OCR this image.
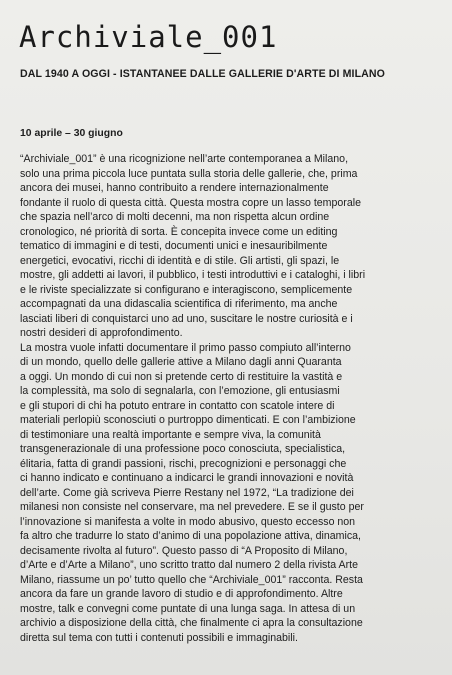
Archiviale_001
DAL 1940 A OGGI - ISTANTANEE DALLE GALLERIE D'ARTE DI MILANO
10 aprile – 30 giugno
“Archiviale_001” è una ricognizione nell’arte contemporanea a Milano,
solo una prima piccola luce puntata sulla storia delle gallerie, che, prima
ancora dei musei, hanno contribuito a rendere internazionalmente
fondante il ruolo di questa città. Questa mostra copre un lasso temporale
che spazia nell’arco di molti decenni, ma non rispetta alcun ordine
cronologico, né priorità di sorta. È concepita invece come un editing
tematico di immagini e di testi, documenti unici e inesauribilmente
energetici, evocativi, ricchi di identità e di stile. Gli artisti, gli spazi, le
mostre, gli addetti ai lavori, il pubblico, i testi introduttivi e i cataloghi, i libri
e le riviste specializzate si configurano e interagiscono, semplicemente
accompagnati da una didascalia scientifica di riferimento, ma anche
lasciati liberi di conquistarci uno ad uno, suscitare le nostre curiosità e i
nostri desideri di approfondimento.
La mostra vuole infatti documentare il primo passo compiuto all’interno
di un mondo, quello delle gallerie attive a Milano dagli anni Quaranta
a oggi. Un mondo di cui non si pretende certo di restituire la vastità e
la complessità, ma solo di segnalarla, con l’emozione, gli entusiasmi
e gli stupori di chi ha potuto entrare in contatto con scatole intere di
materiali perlopiù sconosciuti o purtroppo dimenticati. E con l’ambizione
di testimoniare una realtà importante e sempre viva, la comunità
transgenerazionale di una professione poco conosciuta, specialistica,
élitaria, fatta di grandi passioni, rischi, precognizioni e personaggi che
ci hanno indicato e continuano a indicarci le grandi innovazioni e novità
dell’arte. Come già scriveva Pierre Restany nel 1972, “La tradizione dei
milanesi non consiste nel conservare, ma nel prevedere. E se il gusto per
l’innovazione si manifesta a volte in modo abusivo, questo eccesso non
fa altro che tradurre lo stato d’animo di una popolazione attiva, dinamica,
decisamente rivolta al futuro”. Questo passo di “A Proposito di Milano,
d’Arte e d’Arte a Milano”, uno scritto tratto dal numero 2 della rivista Arte
Milano, riassume un po’ tutto quello che “Archiviale_001” racconta. Resta
ancora da fare un grande lavoro di studio e di approfondimento. Altre
mostre, talk e convegni come puntate di una lunga saga. In attesa di un
archivio a disposizione della città, che finalmente ci apra la consultazione
diretta sul tema con tutti i contenuti possibili e immaginabili.
